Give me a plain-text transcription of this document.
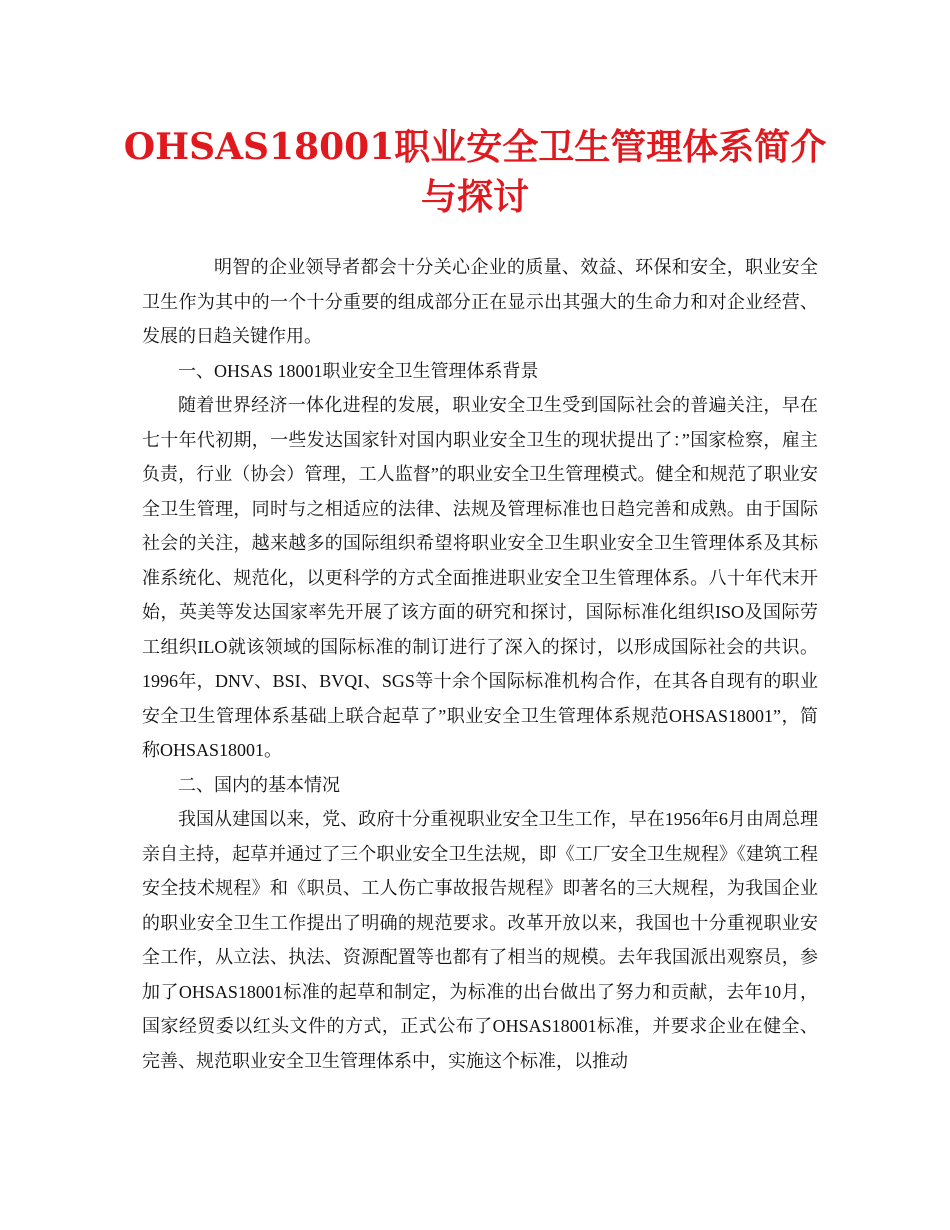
OHSAS18001职业安全卫生管理体系简介与探讨

明智的企业领导者都会十分关心企业的质量、效益、环保和安全，职业安全卫生作为其中的一个十分重要的组成部分正在显示出其强大的生命力和对企业经营、发展的日趋关键作用。

一、OHSAS 18001职业安全卫生管理体系背景

随着世界经济一体化进程的发展，职业安全卫生受到国际社会的普遍关注，早在七十年代初期，一些发达国家针对国内职业安全卫生的现状提出了：”国家检察，雇主负责，行业（协会）管理，工人监督”的职业安全卫生管理模式。健全和规范了职业安全卫生管理，同时与之相适应的法律、法规及管理标准也日趋完善和成熟。由于国际社会的关注，越来越多的国际组织希望将职业安全卫生职业安全卫生管理体系及其标准系统化、规范化，以更科学的方式全面推进职业安全卫生管理体系。八十年代末开始，英美等发达国家率先开展了该方面的研究和探讨，国际标准化组织ISO及国际劳工组织ILO就该领域的国际标准的制订进行了深入的探讨，以形成国际社会的共识。1996年，DNV、BSI、BVQI、SGS等十余个国际标准机构合作，在其各自现有的职业安全卫生管理体系基础上联合起草了”职业安全卫生管理体系规范OHSAS18001”，简称OHSAS18001。

二、国内的基本情况

我国从建国以来，党、政府十分重视职业安全卫生工作，早在1956年6月由周总理亲自主持，起草并通过了三个职业安全卫生法规，即《工厂安全卫生规程》《建筑工程安全技术规程》和《职员、工人伤亡事故报告规程》即著名的三大规程，为我国企业的职业安全卫生工作提出了明确的规范要求。改革开放以来，我国也十分重视职业安全工作，从立法、执法、资源配置等也都有了相当的规模。去年我国派出观察员，参加了OHSAS18001标准的起草和制定，为标准的出台做出了努力和贡献，去年10月，国家经贸委以红头文件的方式，正式公布了OHSAS18001标准，并要求企业在健全、完善、规范职业安全卫生管理体系中，实施这个标准，以推动
